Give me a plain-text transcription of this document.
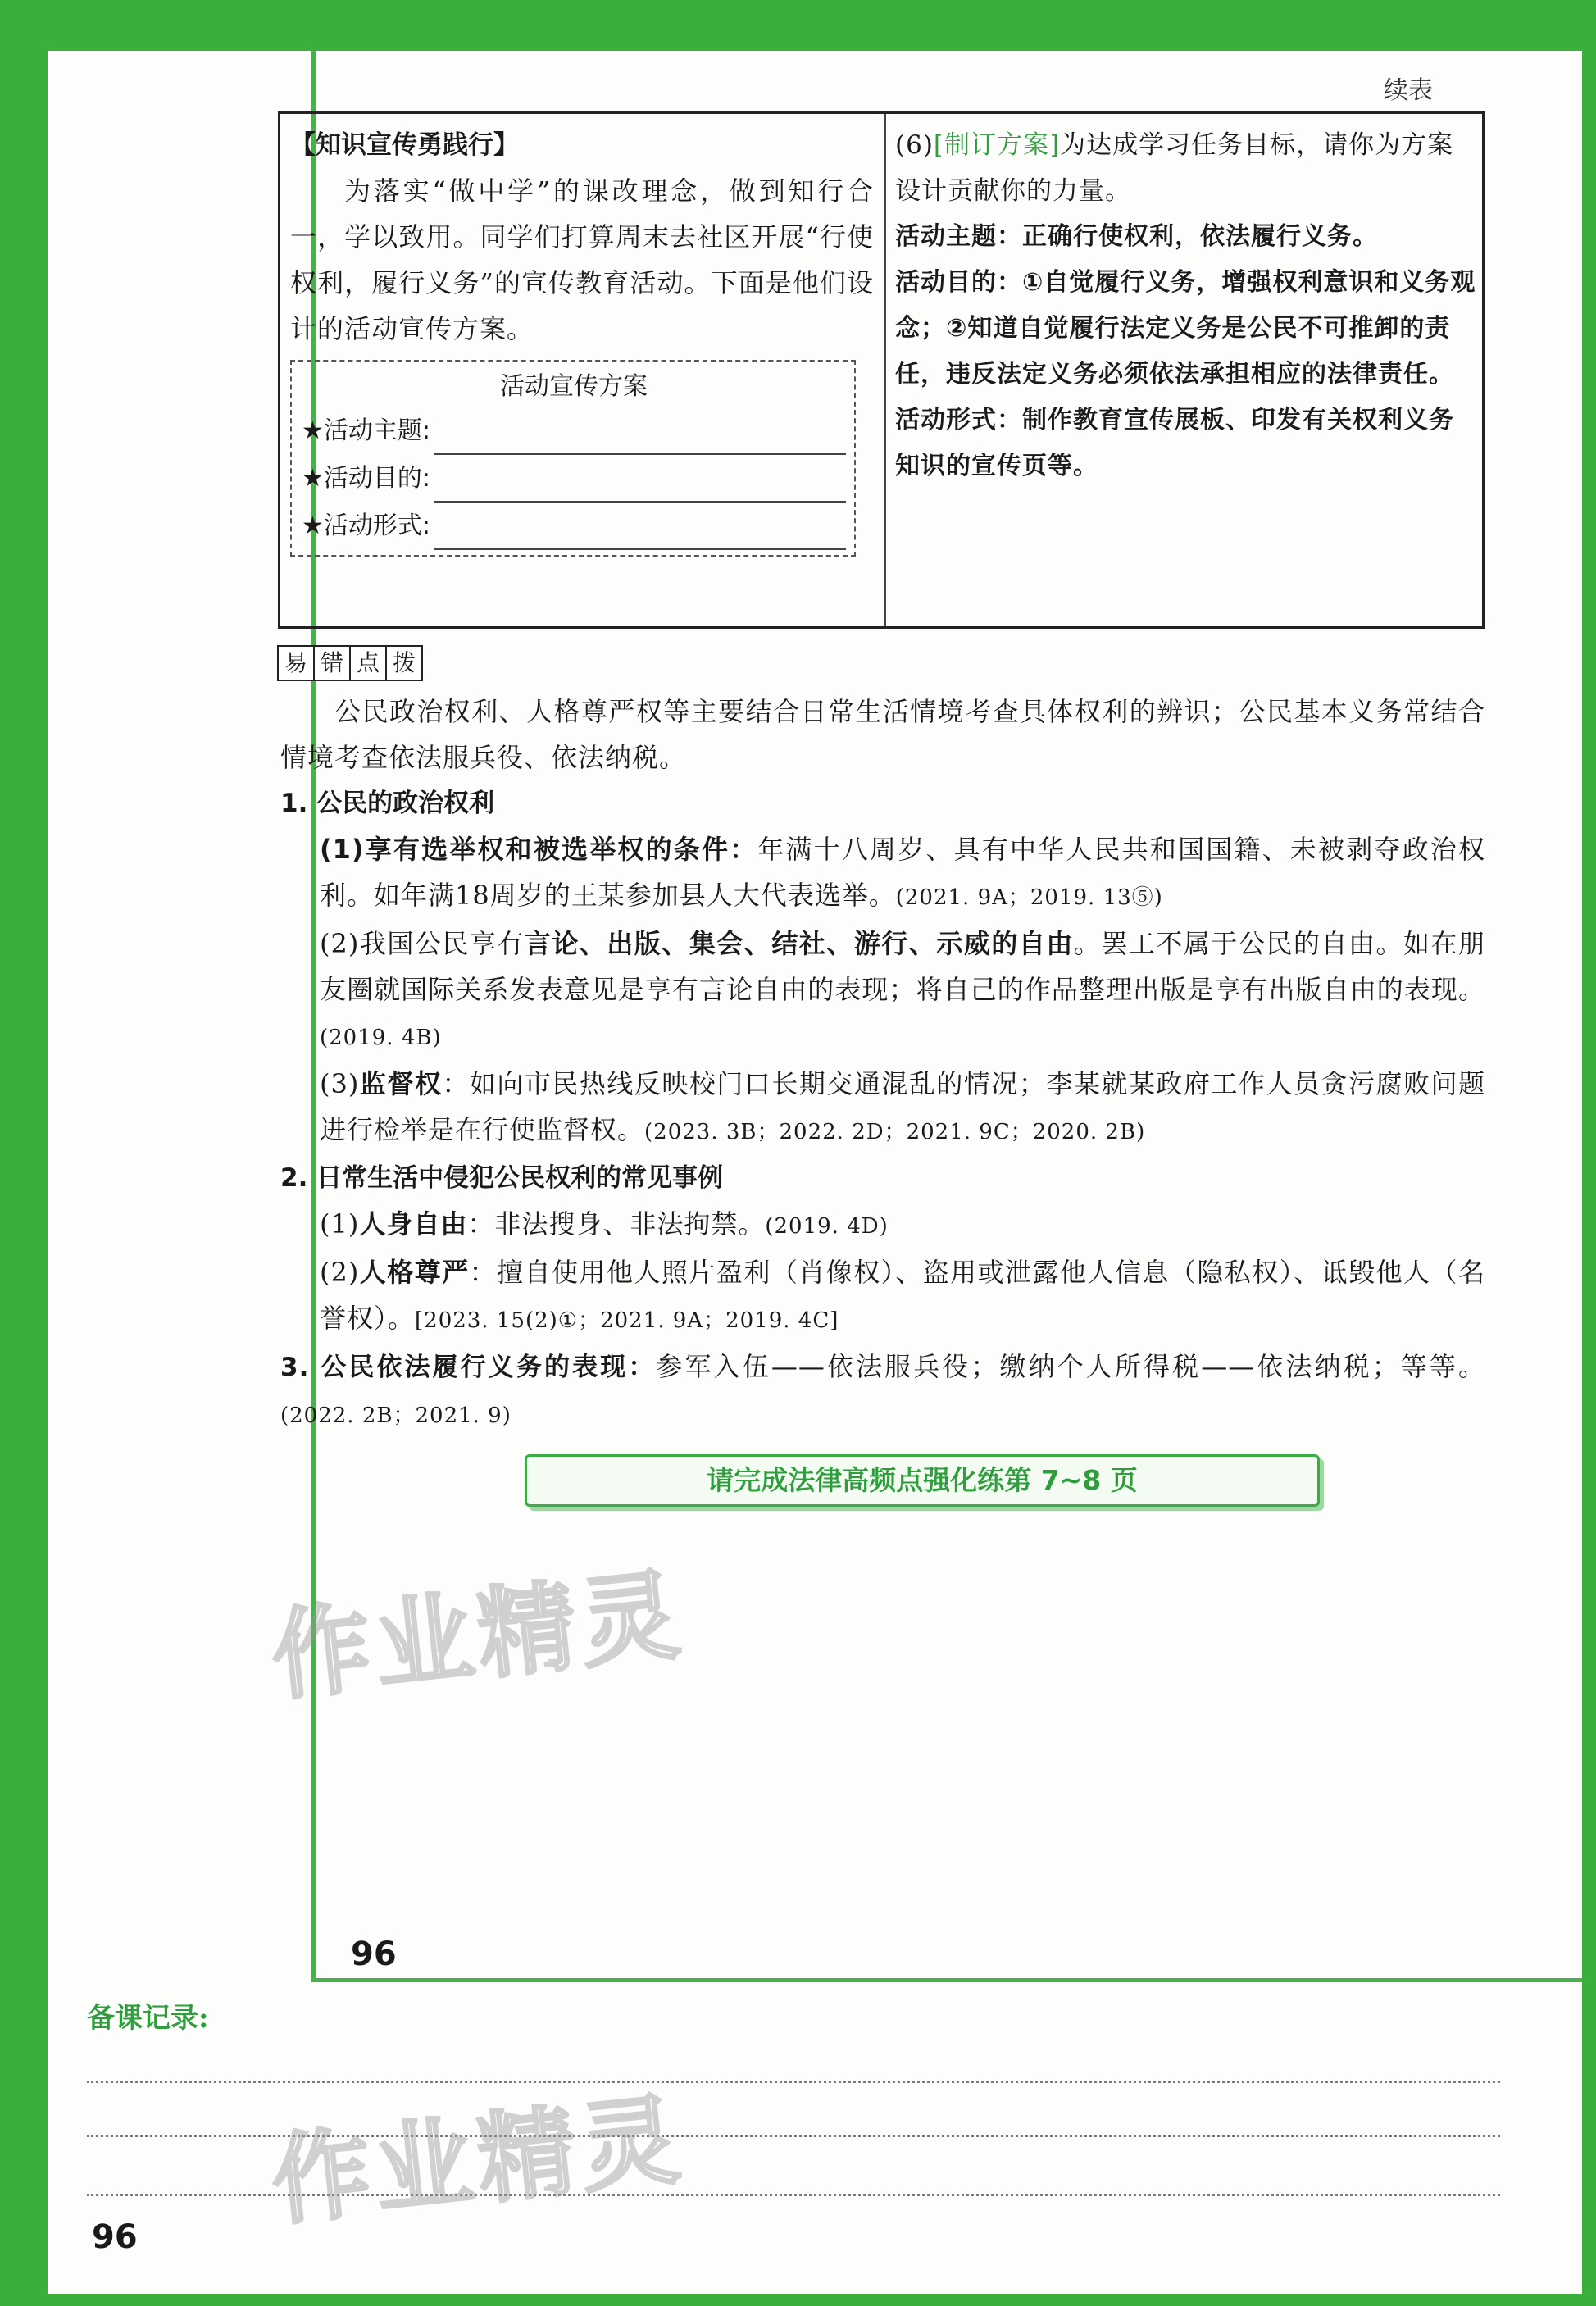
续表
【知识宣传勇践行】
为落实“做中学”的课改理念，做到知行合一，学以致用。同学们打算周末去社区开展“行使权利，履行义务”的宣传教育活动。下面是他们设计的活动宣传方案。
活动宣传方案
★活动主题:
★活动目的:
★活动形式:
(6)[制订方案]为达成学习任务目标，请你为方案设计贡献你的力量。
活动主题：正确行使权利，依法履行义务。
活动目的：①自觉履行义务，增强权利意识和义务观念；②知道自觉履行法定义务是公民不可推卸的责任，违反法定义务必须依法承担相应的法律责任。
活动形式：制作教育宣传展板、印发有关权利义务知识的宣传页等。
易 错 点 拨
公民政治权利、人格尊严权等主要结合日常生活情境考查具体权利的辨识；公民基本义务常结合情境考查依法服兵役、依法纳税。
1. 公民的政治权利
(1)享有选举权和被选举权的条件：年满十八周岁、具有中华人民共和国国籍、未被剥夺政治权利。如年满18周岁的王某参加县人大代表选举。(2021. 9A；2019. 13⑤)
(2)我国公民享有言论、出版、集会、结社、游行、示威的自由。罢工不属于公民的自由。如在朋友圈就国际关系发表意见是享有言论自由的表现；将自己的作品整理出版是享有出版自由的表现。(2019. 4B)
(3)监督权：如向市民热线反映校门口长期交通混乱的情况；李某就某政府工作人员贪污腐败问题进行检举是在行使监督权。(2023. 3B；2022. 2D；2021. 9C；2020. 2B)
2. 日常生活中侵犯公民权利的常见事例
(1)人身自由：非法搜身、非法拘禁。(2019. 4D)
(2)人格尊严：擅自使用他人照片盈利（肖像权）、盗用或泄露他人信息（隐私权）、诋毁他人（名誉权）。[2023. 15(2)①；2021. 9A；2019. 4C]
3. 公民依法履行义务的表现：参军入伍——依法服兵役；缴纳个人所得税——依法纳税；等等。(2022. 2B；2021. 9)
请完成法律高频点强化练第 7~8 页
作业精灵
96
备课记录:
作业精灵
96
